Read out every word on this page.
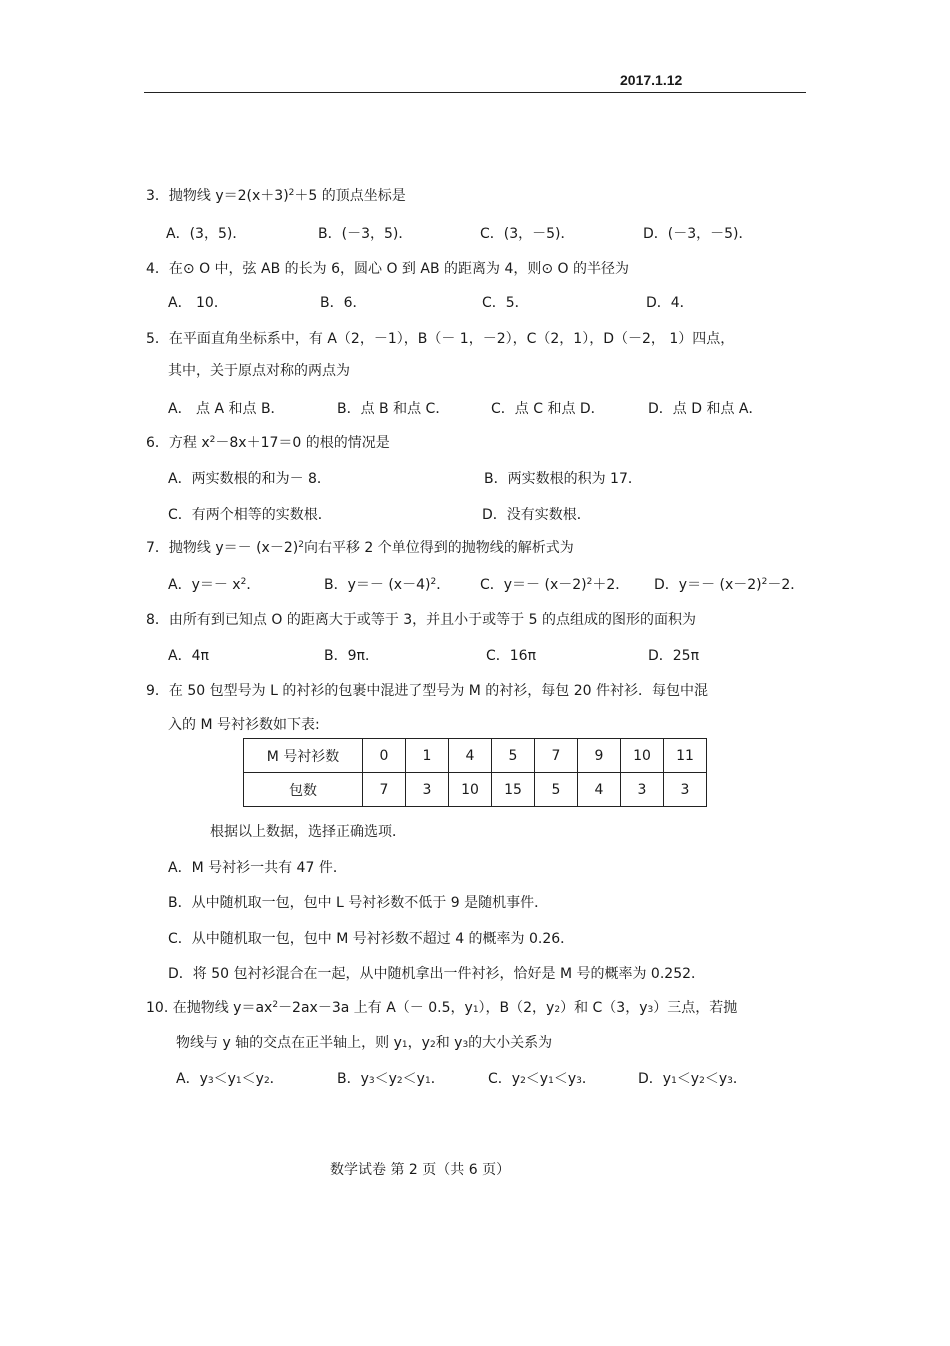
2017.1.12
3．抛物线 $y=2(x+3)^2+5$ 的顶点坐标是
A．(3，5)．	B．(－3，5)．	C．(3，－5)．	D．(－3，－5)．
4．在⊙ O 中，弦 AB 的长为 6，圆心 O 到 AB 的距离为 4，则⊙ O 的半径为
A． 10．	B．6．	C．5．	D．4．
5．在平面直角坐标系中，有 A（2，－1），B（－ 1，－2），C（2，1），D（－2， 1）四点，
其中，关于原点对称的两点为
A． 点 A 和点 B．	B．点 B 和点 C．	C．点 C 和点 D．	D．点 D 和点 A．
6．方程 $x^2-8x+17=0$ 的根的情况是
A．两实数根的和为－ 8．	B．两实数根的积为 17．
C．有两个相等的实数根．	D．没有实数根．
7．抛物线 $y=- (x-2)^2$向右平移 2 个单位得到的抛物线的解析式为
A．$y=- x^2$．	B．$y=- (x-4)^2$． C．$y=- (x-2)^2+2$． D．$y=- (x-2)^2-2$．
8．由所有到已知点 O 的距离大于或等于 3，并且小于或等于 5 的点组成的图形的面积为
A．4π	B．9π．	C．16π	D．25π
9．在 50 包型号为 L 的衬衫的包裹中混进了型号为 M 的衬衫，每包 20 件衬衫．每包中混
入的 M 号衬衫数如下表:
M 号衬衫数	0	1	4	5	7	9	10	11
包数	7	3	10	15	5	4	3	3
根据以上数据，选择正确选项．
A．M 号衬衫一共有 47 件．
B．从中随机取一包，包中 L 号衬衫数不低于 9 是随机事件．
C．从中随机取一包，包中 M 号衬衫数不超过 4 的概率为 0.26．
D．将 50 包衬衫混合在一起，从中随机拿出一件衬衫，恰好是 M 号的概率为 0.252．
10. 在抛物线 $y=ax^2-2ax-3a$ 上有 A（－ 0.5，$y_1$），B（2，$y_2$）和 C（3，$y_3$）三点，若抛
物线与 y 轴的交点在正半轴上，则 $y_1$，$y_2$和 $y_3$的大小关系为
A．$y_3<y_1<y_2$．	B．$y_3<y_2<y_1$．	C．$y_2<y_1<y_3$．	D．$y_1<y_2<y_3$．
数学试卷 第 2 页（共 6 页）
